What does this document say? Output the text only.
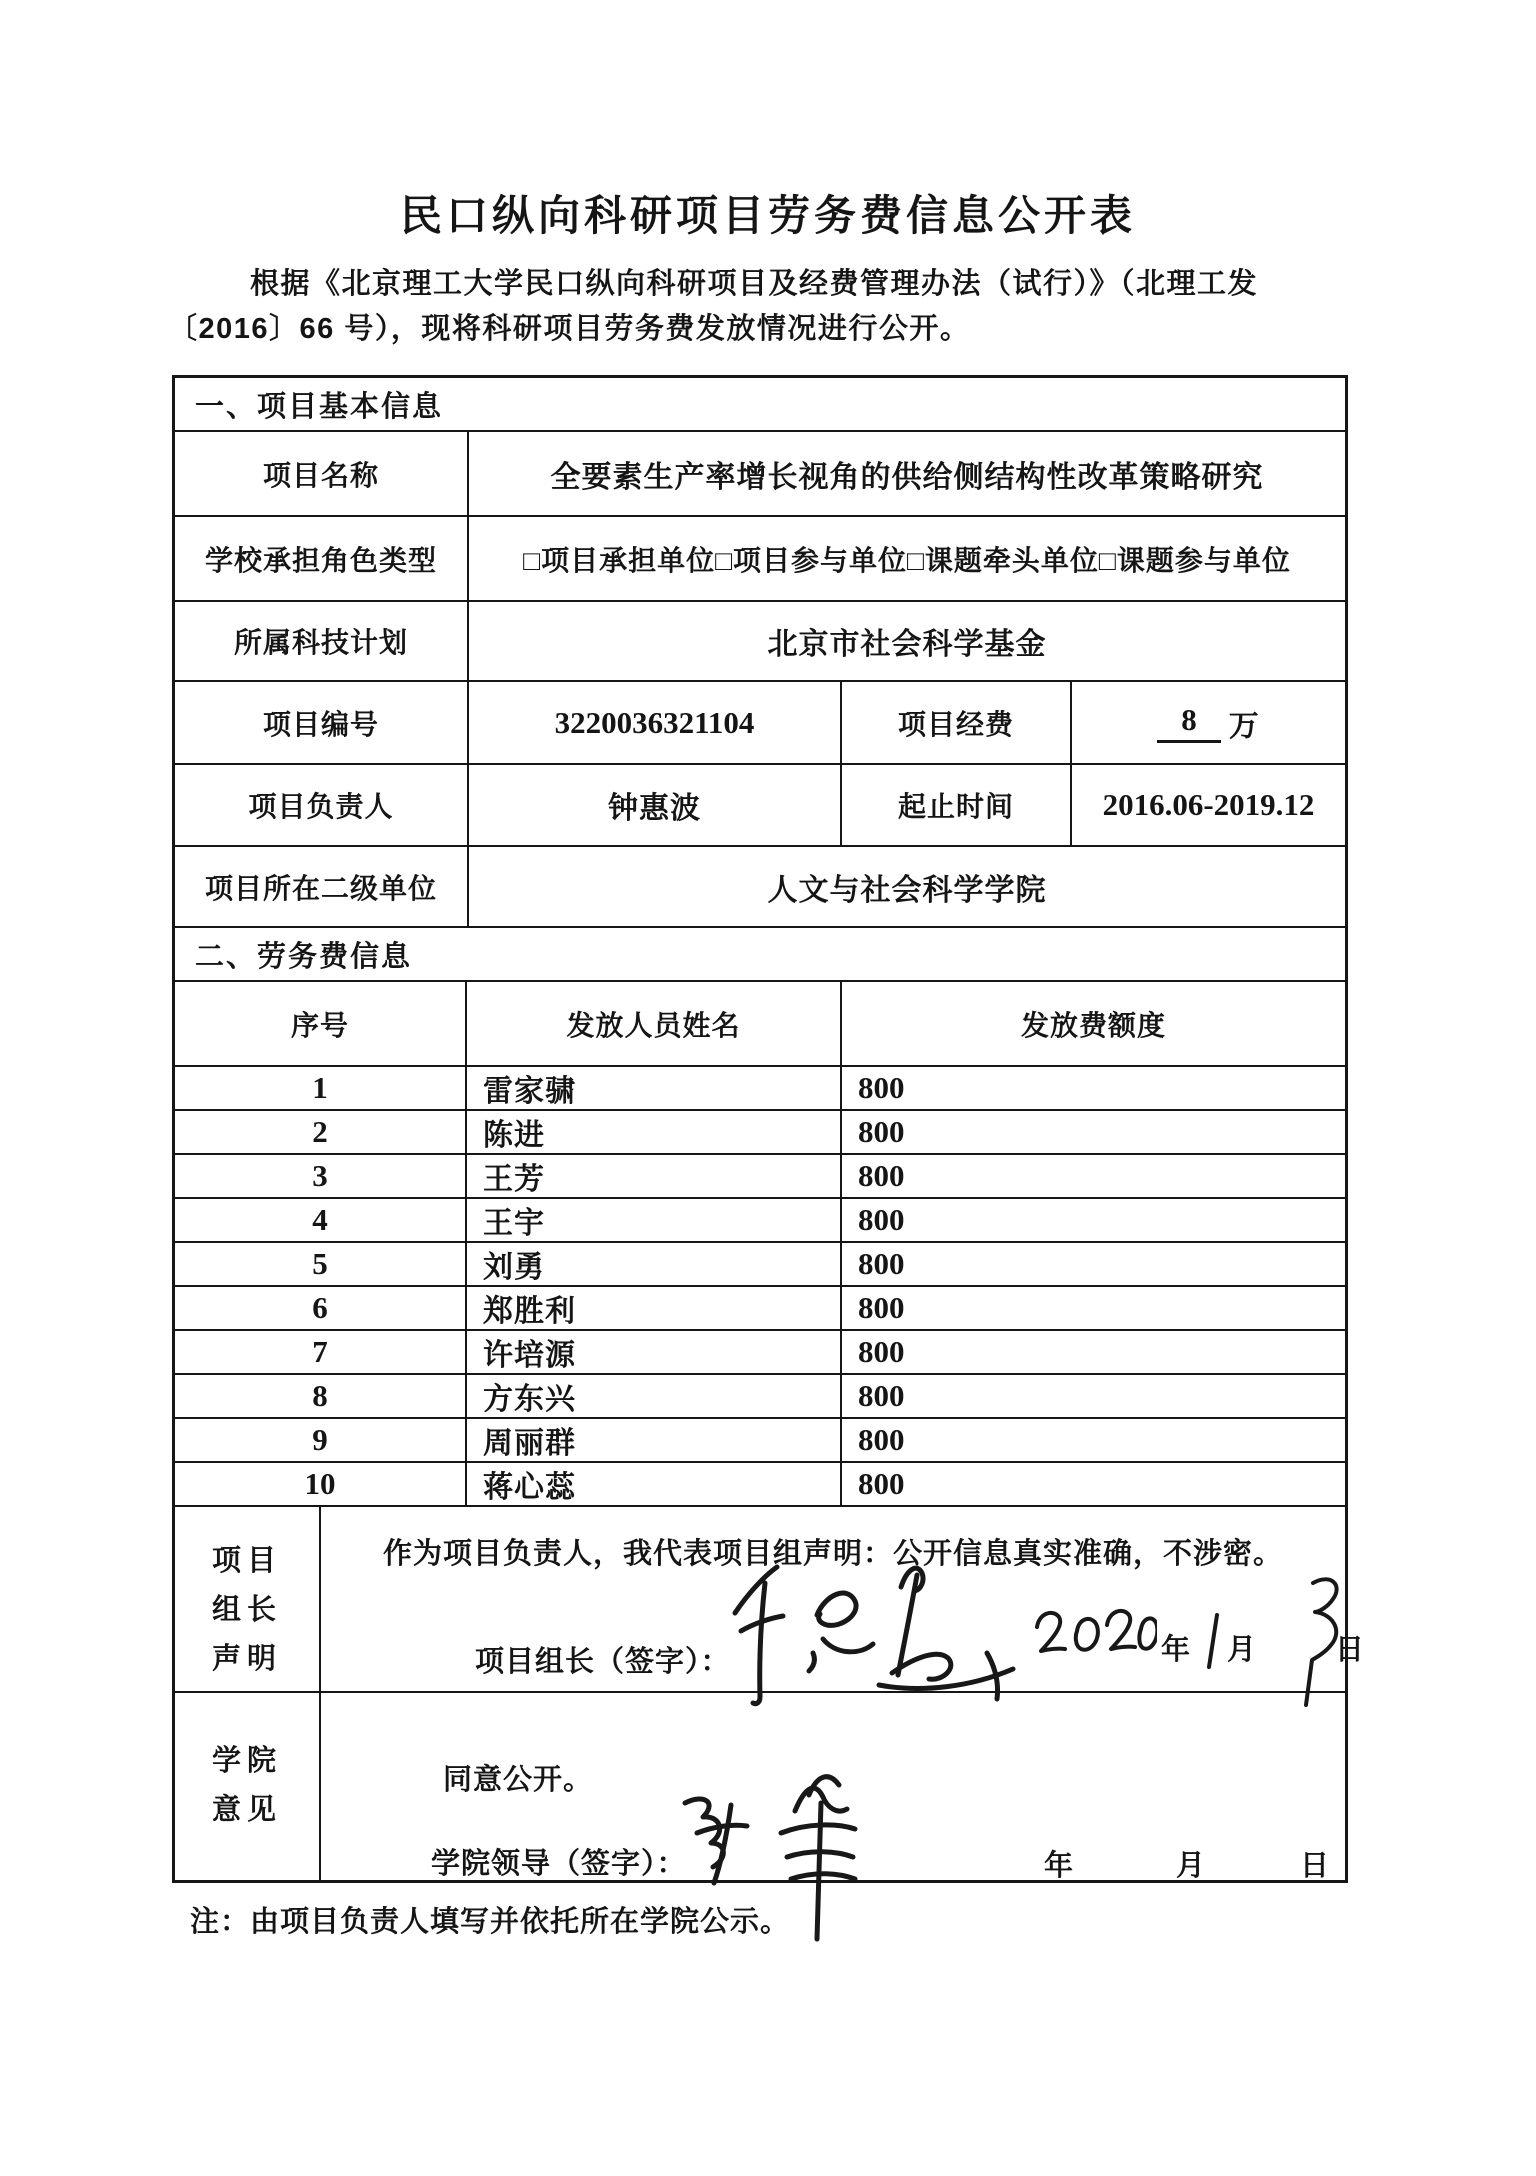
民口纵向科研项目劳务费信息公开表
根据《北京理工大学民口纵向科研项目及经费管理办法（试行）》（北理工发
〔2016〕66 号），现将科研项目劳务费发放情况进行公开。
一、项目基本信息
项目名称	全要素生产率增长视角的供给侧结构性改革策略研究
学校承担角色类型	□项目承担单位□项目参与单位□课题牵头单位□课题参与单位
所属科技计划	北京市社会科学基金
项目编号	3220036321104	项目经费	8	万
项目负责人	钟惠波	起止时间	2016.06-2019.12
项目所在二级单位	人文与社会科学学院
二、劳务费信息
序号	发放人员姓名	发放费额度
1	雷家骕	800
2	陈进	800
3	王芳	800
4	王宇	800
5	刘勇	800
6	郑胜利	800
7	许培源	800
8	方东兴	800
9	周丽群	800
10	蒋心蕊	800
项目
组长
声明
作为项目负责人，我代表项目组声明：公开信息真实准确，不涉密。
项目组长（签字）：	年 月	日
学院
意见
同意公开。
学院领导（签字）：	年	月	日
注：由项目负责人填写并依托所在学院公示。
